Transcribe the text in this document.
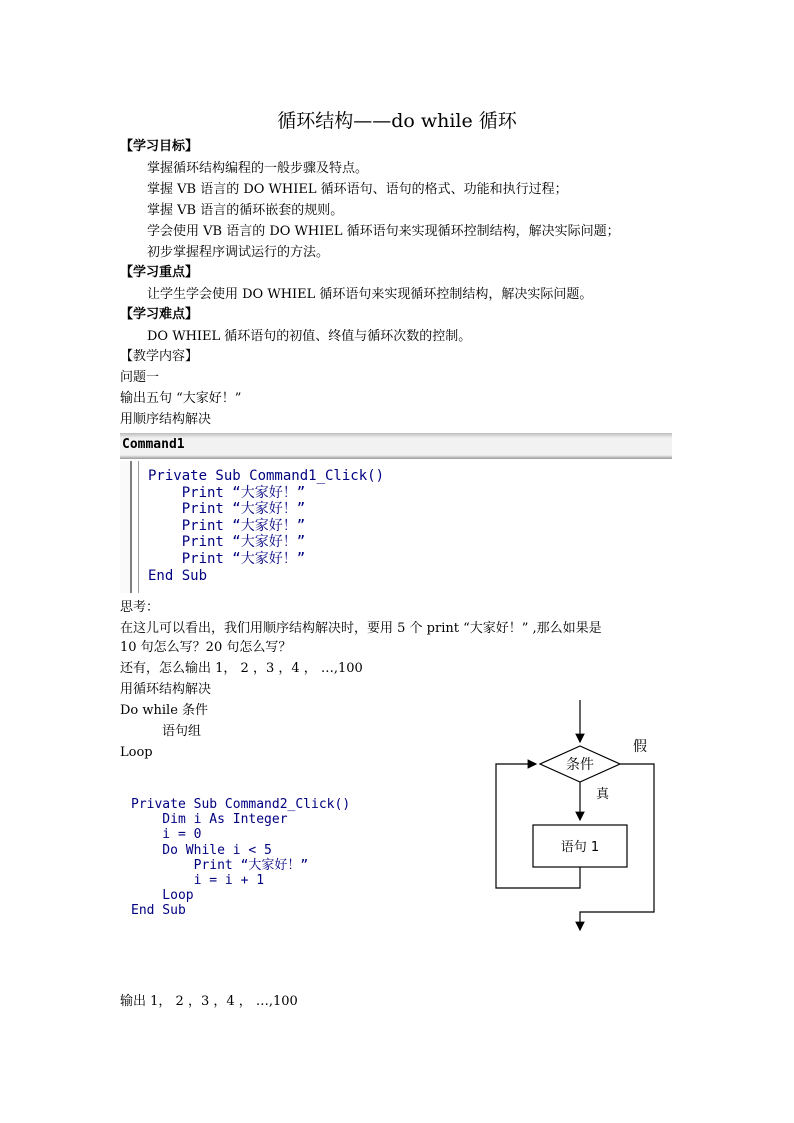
循环结构——do while 循环
【学习目标】
掌握循环结构编程的一般步骤及特点。
掌握 VB 语言的 DO WHIEL 循环语句、语句的格式、功能和执行过程；
掌握 VB 语言的循环嵌套的规则。
学会使用 VB 语言的 DO WHIEL 循环语句来实现循环控制结构，解决实际问题；
初步掌握程序调试运行的方法。
【学习重点】
让学生学会使用 DO WHIEL 循环语句来实现循环控制结构，解决实际问题。
【学习难点】
DO WHIEL 循环语句的初值、终值与循环次数的控制。
【教学内容】
问题一
输出五句 “大家好！”
用顺序结构解决
Command1
Private Sub Command1_Click()
Print “大家好！”
Print “大家好！”
Print “大家好！”
Print “大家好！”
Print “大家好！”
End Sub
思考：
在这儿可以看出，我们用顺序结构解决时，要用 5 个 print “大家好！” ,那么如果是
10 句怎么写？20 句怎么写？
还有，怎么输出 1， 2 ，3 ，4 ， …,100
用循环结构解决
Do while 条件
语句组
Loop
Private Sub Command2_Click()
Dim i As Integer
i = 0
Do While i < 5
Print “大家好！”
i = i + 1
Loop
End Sub
条件
真
语句 1
假
输出 1， 2 ，3 ，4 ， …,100
